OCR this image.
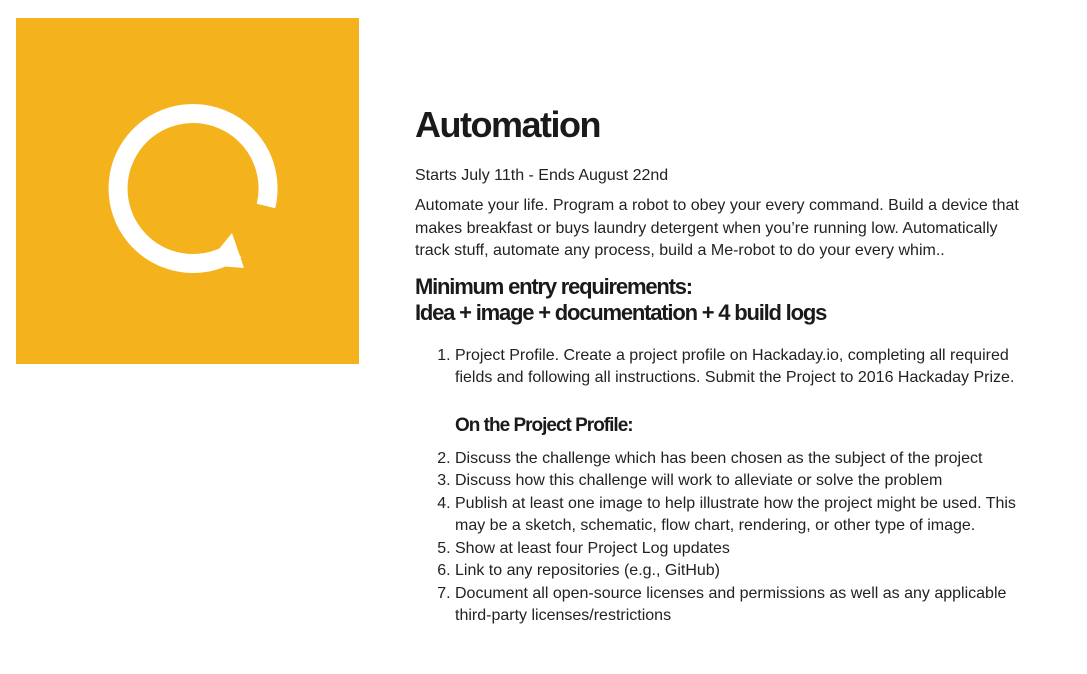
Automation

Starts July 11th - Ends August 22nd

Automate your life. Program a robot to obey your every command. Build a device that makes breakfast or buys laundry detergent when you’re running low. Automatically track stuff, automate any process, build a Me-robot to do your every whim..

Minimum entry requirements:
Idea + image + documentation + 4 build logs
1. Project Profile. Create a project profile on Hackaday.io, completing all required fields and following all instructions. Submit the Project to 2016 Hackaday Prize.
On the Project Profile:
2. Discuss the challenge which has been chosen as the subject of the project
3. Discuss how this challenge will work to alleviate or solve the problem
4. Publish at least one image to help illustrate how the project might be used. This may be a sketch, schematic, flow chart, rendering, or other type of image.
5. Show at least four Project Log updates
6. Link to any repositories (e.g., GitHub)
7. Document all open-source licenses and permissions as well as any applicable third-party licenses/restrictions
